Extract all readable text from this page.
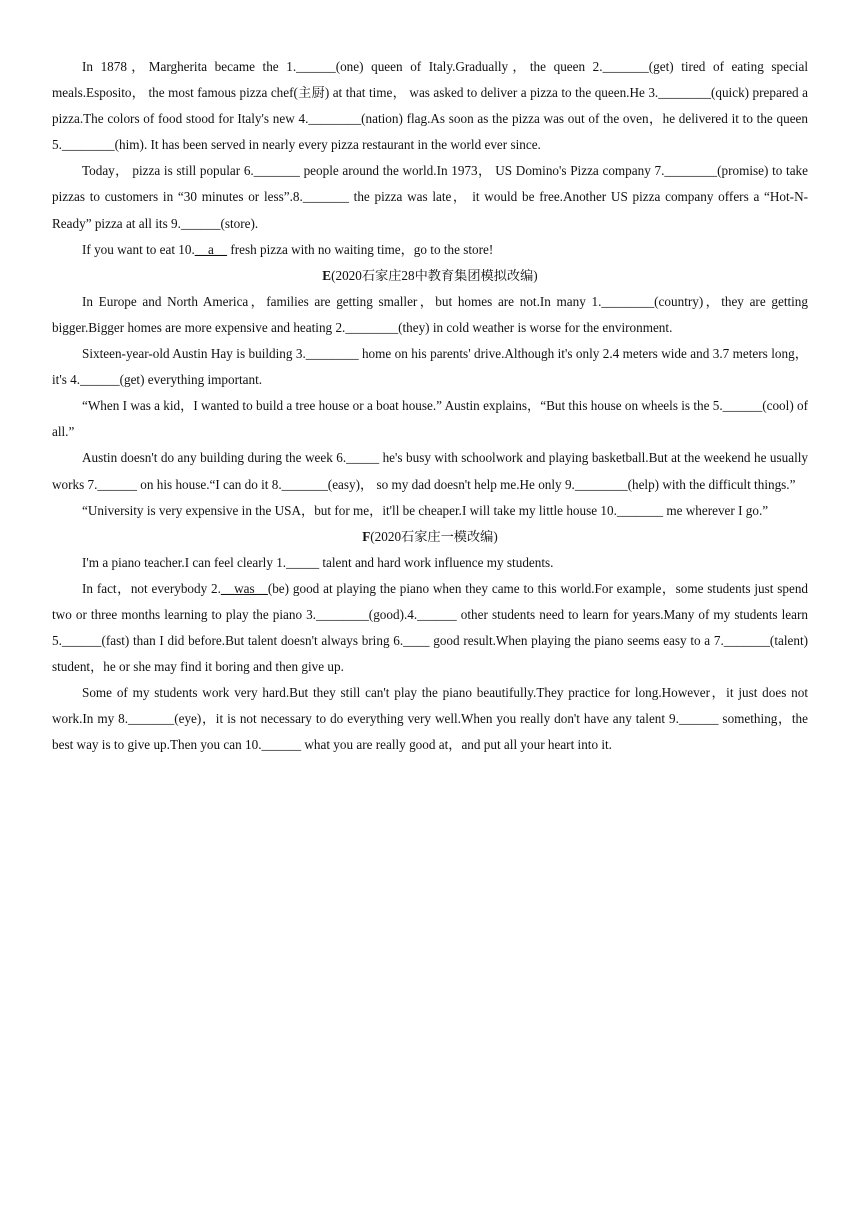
In 1878，Margherita became the 1.______(one) queen of Italy.Gradually，the queen 2._______(get) tired of eating special meals.Esposito， the most famous pizza chef(主厨) at that time， was asked to deliver a pizza to the queen.He 3.________(quick) prepared a pizza.The colors of food stood for Italy's new 4.________(nation) flag.As soon as the pizza was out of the oven，he delivered it to the queen 5.________(him). It has been served in nearly every pizza restaurant in the world ever since.

Today， pizza is still popular 6._______ people around the world.In 1973， US Domino's Pizza company 7.________(promise) to take pizzas to customers in “30 minutes or less”.8._______ the pizza was late， it would be free.Another US pizza company offers a “Hot-N-Ready” pizza at all its 9.______(store).

If you want to eat 10.__a__ fresh pizza with no waiting time，go to the store!

E(2020石家庄28中教育集团模拟改编)

In Europe and North America，families are getting smaller，but homes are not.In many 1.________(country)，they are getting bigger.Bigger homes are more expensive and heating 2.________(they) in cold weather is worse for the environment.

Sixteen-year-old Austin Hay is building 3.________ home on his parents' drive.Although it's only 2.4 meters wide and 3.7 meters long，it's 4.______(get) everything important.

“When I was a kid，I wanted to build a tree house or a boat house.” Austin explains，“But this house on wheels is the 5.______(cool) of all.”

Austin doesn't do any building during the week 6._____ he's busy with schoolwork and playing basketball.But at the weekend he usually works 7.______ on his house.“I can do it 8._______(easy)， so my dad doesn't help me.He only 9.________(help) with the difficult things.”

“University is very expensive in the USA，but for me，it'll be cheaper.I will take my little house 10._______ me wherever I go.”

F(2020石家庄一模改编)

I'm a piano teacher.I can feel clearly 1._____ talent and hard work influence my students.

In fact，not everybody 2.__was__(be) good at playing the piano when they came to this world.For example，some students just spend two or three months learning to play the piano 3.________(good).4.______ other students need to learn for years.Many of my students learn 5.______(fast) than I did before.But talent doesn't always bring 6.____ good result.When playing the piano seems easy to a 7._______(talent) student，he or she may find it boring and then give up.

Some of my students work very hard.But they still can't play the piano beautifully.They practice for long.However，it just does not work.In my 8._______(eye)，it is not necessary to do everything very well.When you really don't have any talent 9.______ something，the best way is to give up.Then you can 10.______ what you are really good at，and put all your heart into it.
